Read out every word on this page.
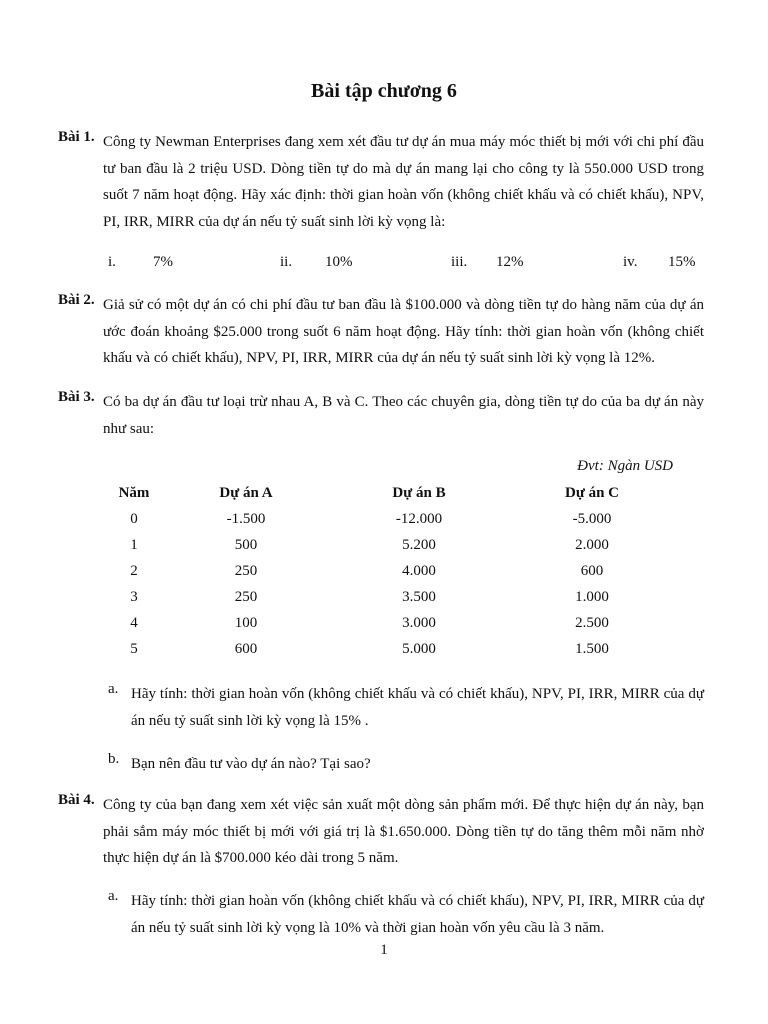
Bài tập chương 6
Bài 1. Công ty Newman Enterprises đang xem xét đầu tư dự án mua máy móc thiết bị mới với chi phí đầu tư ban đầu là 2 triệu USD. Dòng tiền tự do mà dự án mang lại cho công ty là 550.000 USD trong suốt 7 năm hoạt động. Hãy xác định: thời gian hoàn vốn (không chiết khấu và có chiết khấu), NPV, PI, IRR, MIRR của dự án nếu tỷ suất sinh lời kỳ vọng là:
i. 7%	ii. 10%	iii. 12%	iv. 15%
Bài 2. Giả sử có một dự án có chi phí đầu tư ban đầu là $100.000 và dòng tiền tự do hàng năm của dự án ước đoán khoảng $25.000 trong suốt 6 năm hoạt động. Hãy tính: thời gian hoàn vốn (không chiết khấu và có chiết khấu), NPV, PI, IRR, MIRR của dự án nếu tỷ suất sinh lời kỳ vọng là 12%.
Bài 3. Có ba dự án đầu tư loại trừ nhau A, B và C. Theo các chuyên gia, dòng tiền tự do của ba dự án này như sau:
Đvt: Ngàn USD
Năm	Dự án A	Dự án B	Dự án C
0	-1.500	-12.000	-5.000
1	500	5.200	2.000
2	250	4.000	600
3	250	3.500	1.000
4	100	3.000	2.500
5	600	5.000	1.500
a. Hãy tính: thời gian hoàn vốn (không chiết khấu và có chiết khấu), NPV, PI, IRR, MIRR của dự án nếu tỷ suất sinh lời kỳ vọng là 15% .
b. Bạn nên đầu tư vào dự án nào? Tại sao?
Bài 4. Công ty của bạn đang xem xét việc sản xuất một dòng sản phẩm mới. Để thực hiện dự án này, bạn phải sắm máy móc thiết bị mới với giá trị là $1.650.000. Dòng tiền tự do tăng thêm mỗi năm nhờ thực hiện dự án là $700.000 kéo dài trong 5 năm.
a. Hãy tính: thời gian hoàn vốn (không chiết khấu và có chiết khấu), NPV, PI, IRR, MIRR của dự án nếu tỷ suất sinh lời kỳ vọng là 10% và thời gian hoàn vốn yêu cầu là 3 năm.
1
